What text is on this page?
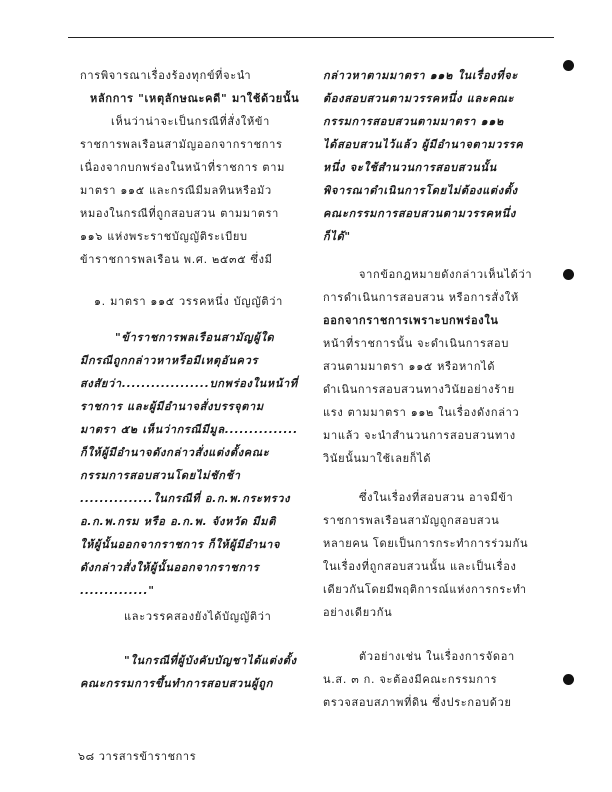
การพิจารณาเรื่องร้องทุกข์ที่จะนำ
หลักการ "เหตุลักษณะคดี" มาใช้ด้วยนั้น
เห็นว่าน่าจะเป็นกรณีที่สั่งให้ข้า
ราชการพลเรือนสามัญออกจากราชการ
เนื่องจากบกพร่องในหน้าที่ราชการ ตาม
มาตรา ๑๑๕ และกรณีมีมลทินหรือมัว
หมองในกรณีที่ถูกสอบสวน ตามมาตรา
๑๑๖ แห่งพระราชบัญญัติระเบียบ
ข้าราชการพลเรือน พ.ศ. ๒๕๓๕ ซึ่งมี
๑. มาตรา ๑๑๕ วรรคหนึ่ง บัญญัติว่า
"ข้าราชการพลเรือนสามัญผู้ใด
มีกรณีถูกกล่าวหาหรือมีเหตุอันควร
สงสัยว่า..................บกพร่องในหน้าที่
ราชการ และผู้มีอำนาจสั่งบรรจุตาม
มาตรา ๕๒ เห็นว่ากรณีมีมูล...............
ก็ให้ผู้มีอำนาจดังกล่าวสั่งแต่งตั้งคณะ
กรรมการสอบสวนโดยไม่ชักช้า
...............ในกรณีที่ อ.ก.พ.กระทรวง
อ.ก.พ.กรม หรือ อ.ก.พ. จังหวัด มีมติ
ให้ผู้นั้นออกจากราชการ ก็ให้ผู้มีอำนาจ
ดังกล่าวสั่งให้ผู้นั้นออกจากราชการ
.............."
และวรรคสองยังได้บัญญัติว่า
"ในกรณีที่ผู้บังคับบัญชาได้แต่งตั้ง
คณะกรรมการขึ้นทำการสอบสวนผู้ถูก
กล่าวหาตามมาตรา ๑๑๒ ในเรื่องที่จะ
ต้องสอบสวนตามวรรคหนึ่ง และคณะ
กรรมการสอบสวนตามมาตรา ๑๑๒
ได้สอบสวนไว้แล้ว ผู้มีอำนาจตามวรรค
หนึ่ง จะใช้สำนวนการสอบสวนนั้น
พิจารณาดำเนินการโดยไม่ต้องแต่งตั้ง
คณะกรรมการสอบสวนตามวรรคหนึ่ง
ก็ได้"
จากข้อกฎหมายดังกล่าวเห็นได้ว่า
การดำเนินการสอบสวน หรือการสั่งให้
ออกจากราชการเพราะบกพร่องใน
หน้าที่ราชการนั้น จะดำเนินการสอบ
สวนตามมาตรา ๑๑๕ หรือหากได้
ดำเนินการสอบสวนทางวินัยอย่างร้าย
แรง ตามมาตรา ๑๑๒ ในเรื่องดังกล่าว
มาแล้ว จะนำสำนวนการสอบสวนทาง
วินัยนั้นมาใช้เลยก็ได้
ซึ่งในเรื่องที่สอบสวน อาจมีข้า
ราชการพลเรือนสามัญถูกสอบสวน
หลายคน โดยเป็นการกระทำการร่วมกัน
ในเรื่องที่ถูกสอบสวนนั้น และเป็นเรื่อง
เดียวกันโดยมีพฤติการณ์แห่งการกระทำ
อย่างเดียวกัน
ตัวอย่างเช่น ในเรื่องการจัดอา
น.ส. ๓ ก. จะต้องมีคณะกรรมการ
ตรวจสอบสภาพที่ดิน ซึ่งประกอบด้วย
๖๘ วารสารข้าราชการ
